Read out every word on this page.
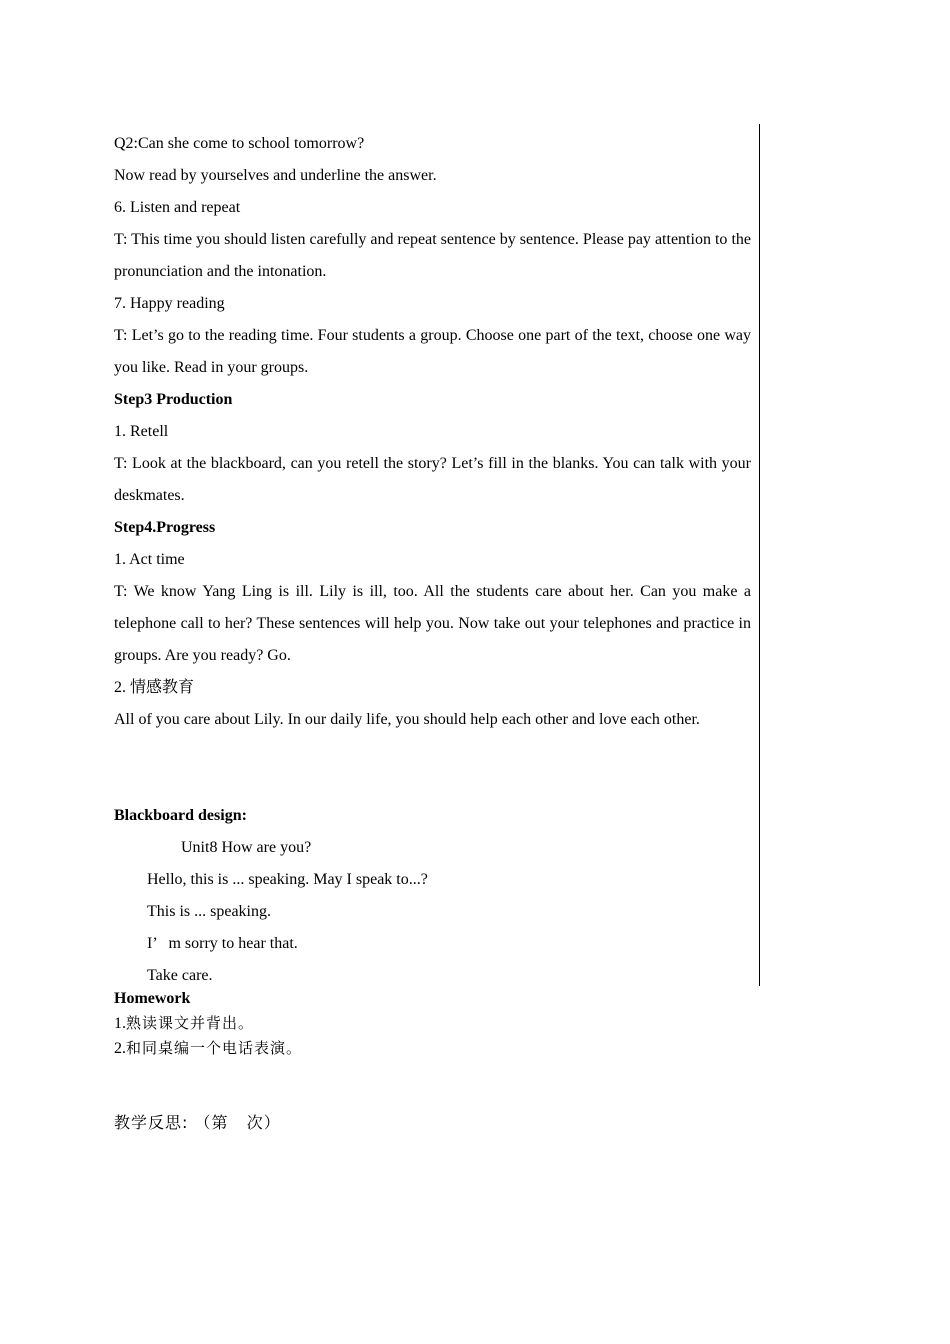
Q2:Can she come to school tomorrow?

Now read by yourselves and underline the answer.

6. Listen and repeat

T: This time you should listen carefully and repeat sentence by sentence. Please pay attention to the pronunciation and the intonation.

7. Happy reading

T: Let’s go to the reading time. Four students a group. Choose one part of the text, choose one way you like. Read in your groups.

Step3 Production

1. Retell

T: Look at the blackboard, can you retell the story? Let’s fill in the blanks. You can talk with your deskmates.

Step4.Progress

1. Act time

T: We know Yang Ling is ill. Lily is ill, too. All the students care about her. Can you make a telephone call to her? These sentences will help you. Now take out your telephones and practice in groups. Are you ready? Go.

2. 情感教育

All of you care about Lily. In our daily life, you should help each other and love each other.

Blackboard design:

Unit8 How are you?

Hello, this is ... speaking. May I speak to...?

This is ... speaking.

I’   m sorry to hear that.

Take care.

Homework

1.熟读课文并背出。

2.和同桌编一个电话表演。

教学反思: （第   次）
